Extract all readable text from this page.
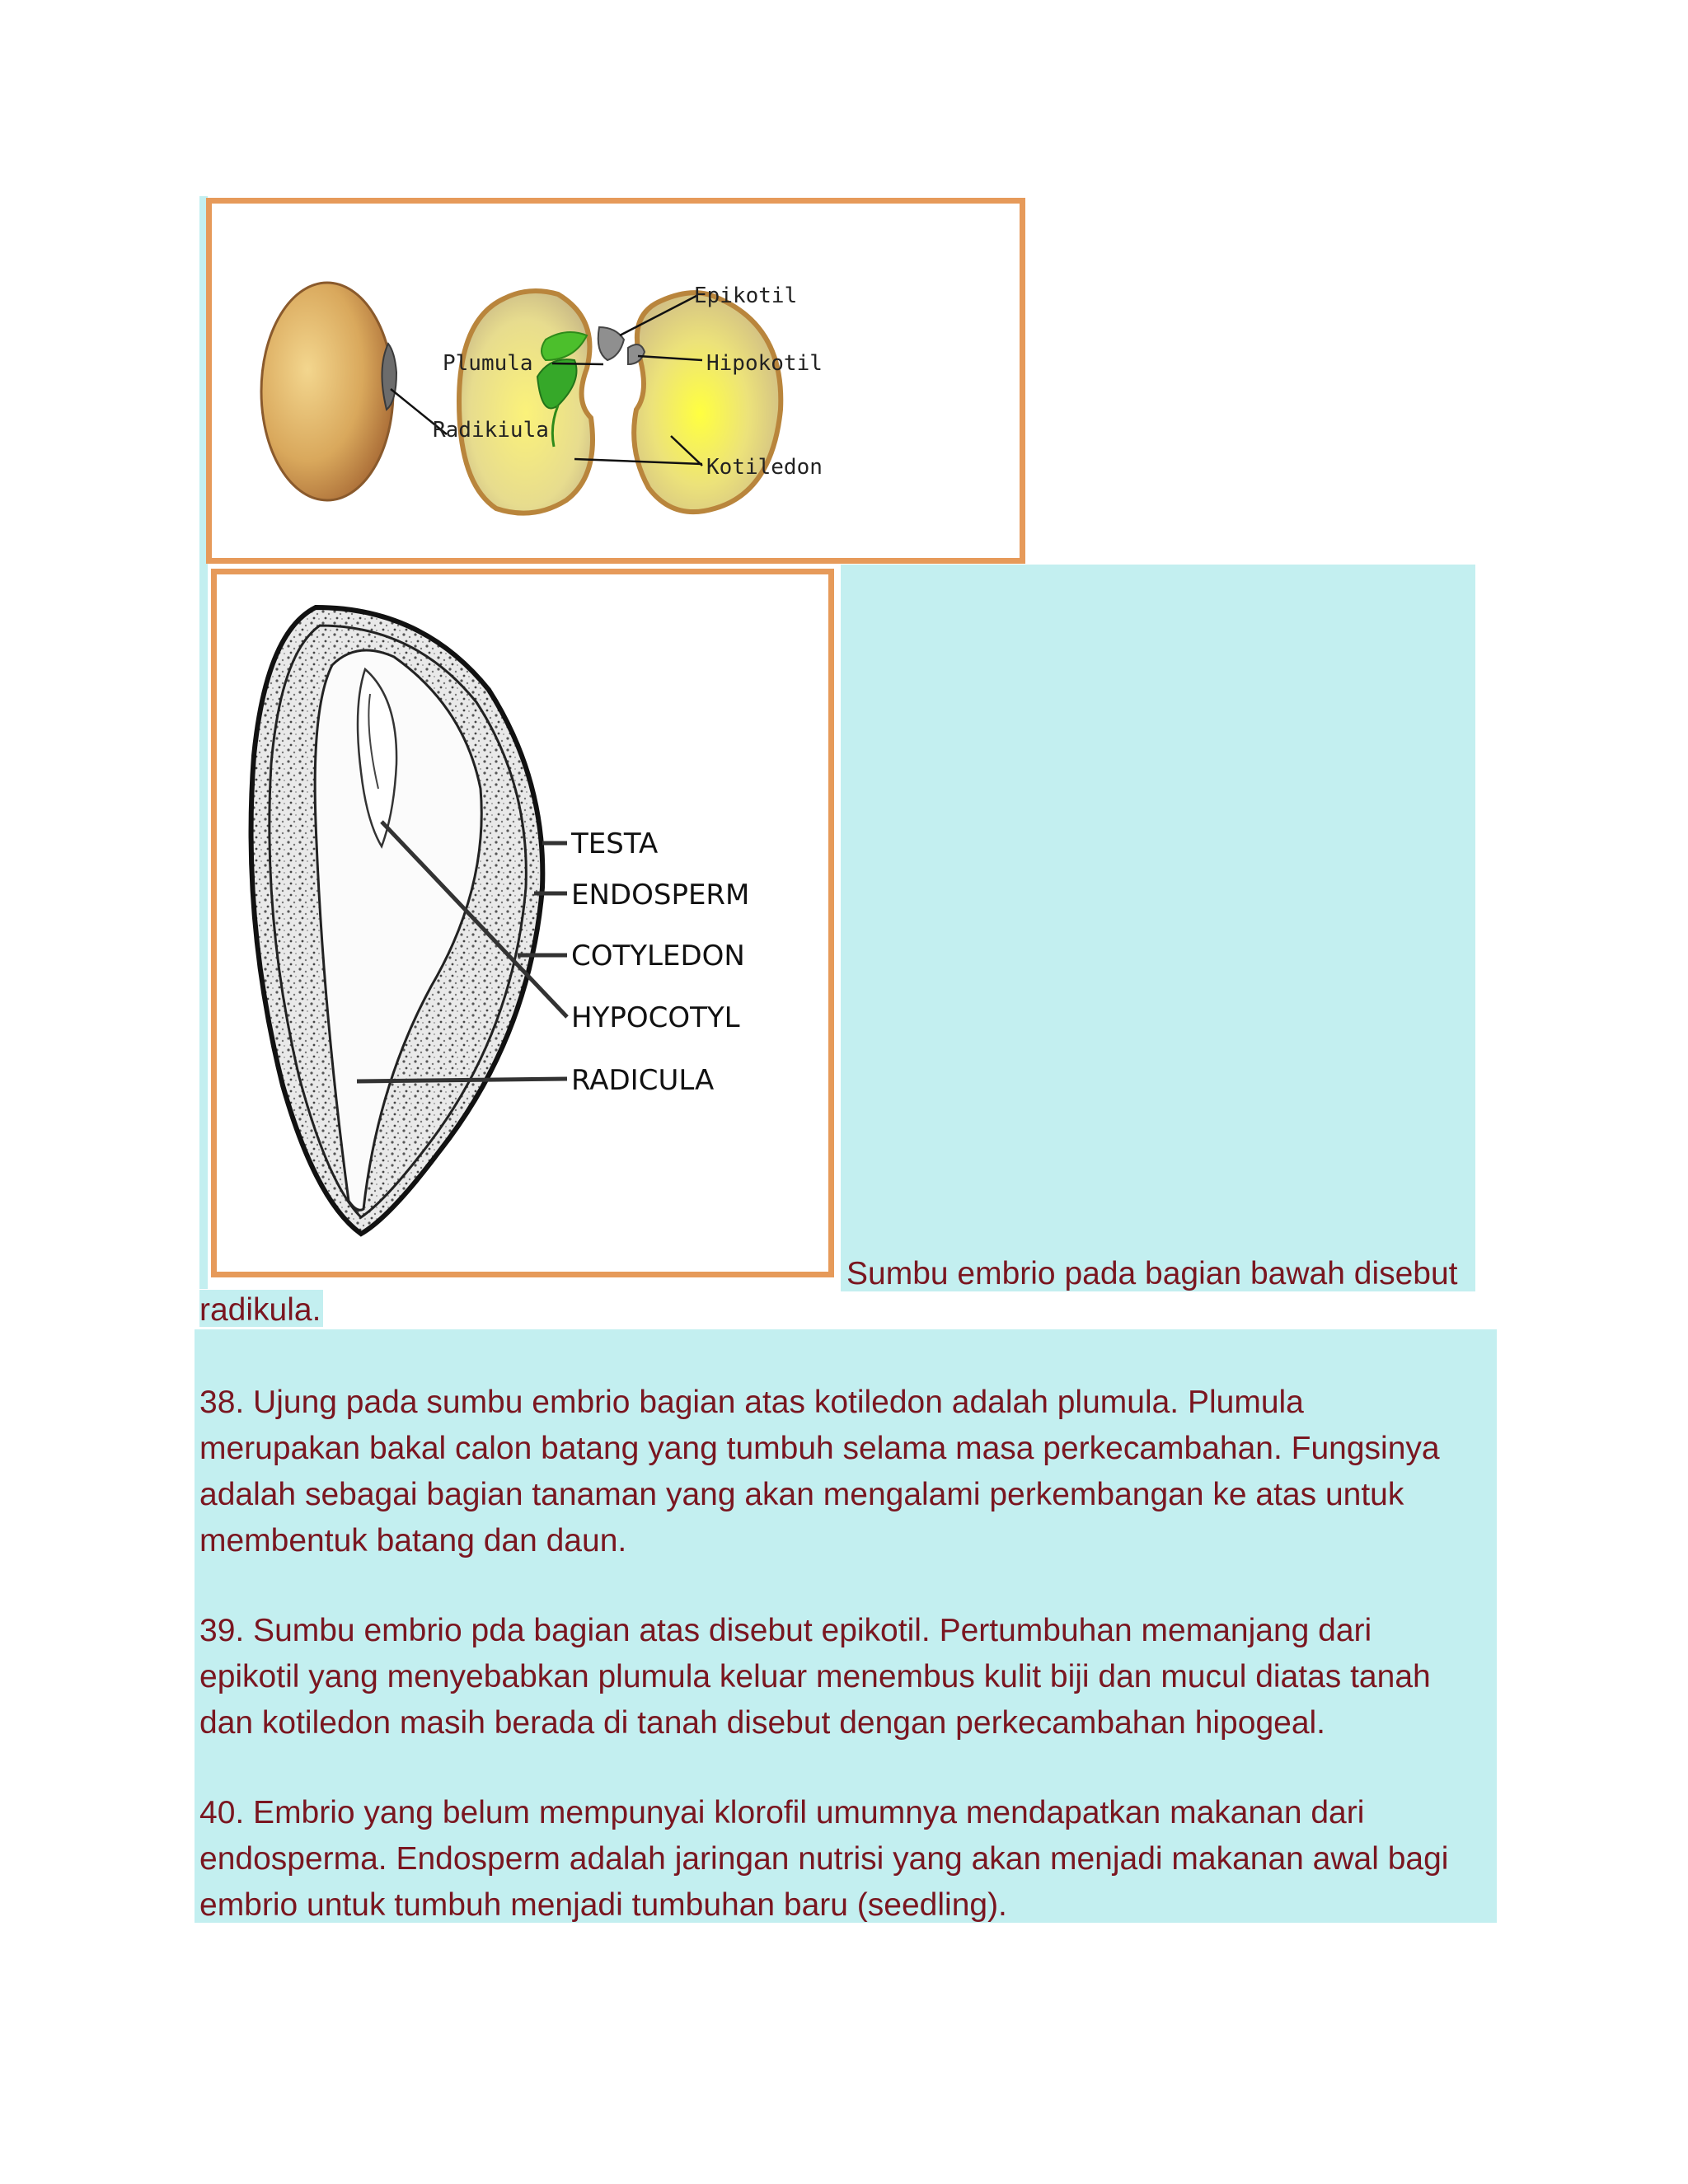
Epikotil
Plumula	Hipokotil
Radikiula
Kotiledon
TESTA
ENDOSPERM
COTYLEDON
HYPOCOTYL
RADICULA
Sumbu embrio pada bagian bawah disebut
radikula.
38. Ujung pada sumbu embrio bagian atas kotiledon adalah plumula. Plumula
merupakan bakal calon batang yang tumbuh selama masa perkecambahan. Fungsinya
adalah sebagai bagian tanaman yang akan mengalami perkembangan ke atas untuk
membentuk batang dan daun.
39. Sumbu embrio pda bagian atas disebut epikotil. Pertumbuhan memanjang dari
epikotil yang menyebabkan plumula keluar menembus kulit biji dan mucul diatas tanah
dan kotiledon masih berada di tanah disebut dengan perkecambahan hipogeal.
40. Embrio yang belum mempunyai klorofil umumnya mendapatkan makanan dari
endosperma. Endosperm adalah jaringan nutrisi yang akan menjadi makanan awal bagi
embrio untuk tumbuh menjadi tumbuhan baru (seedling).
